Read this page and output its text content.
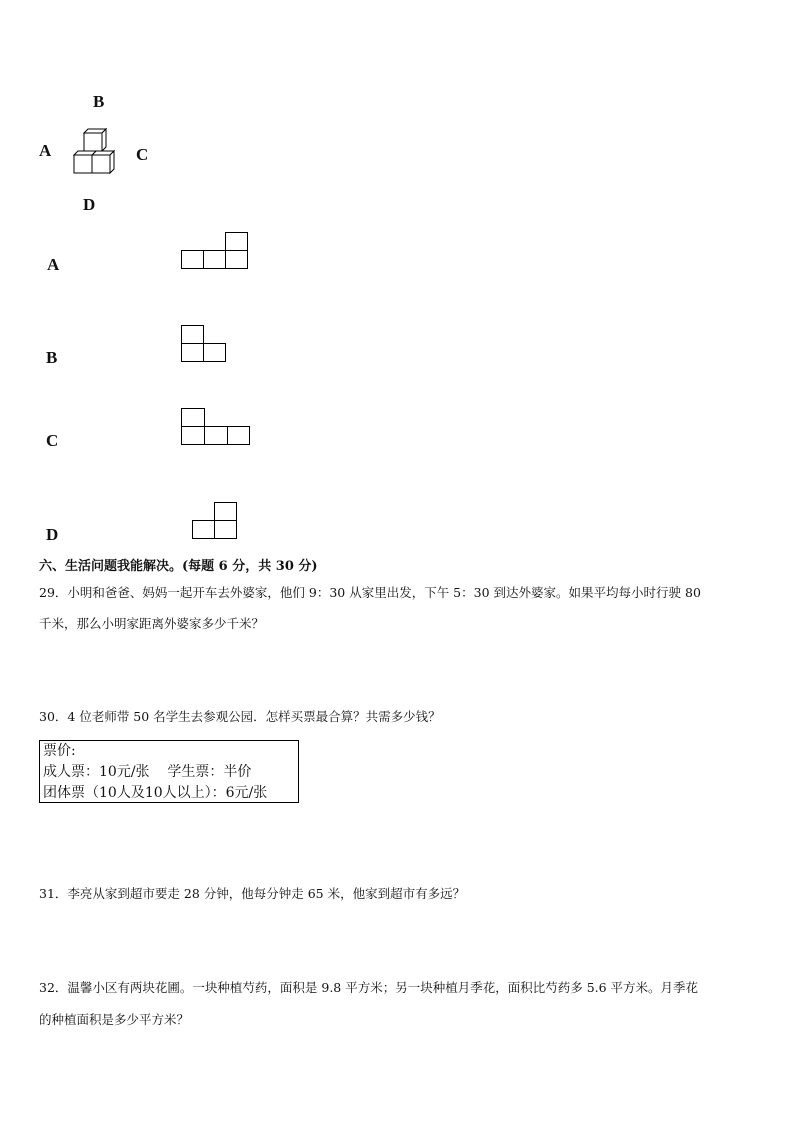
B
A	C
D
A
B
C
D
六、生活问题我能解决。(每题 6 分，共 30 分)
29．小明和爸爸、妈妈一起开车去外婆家，他们 9：30 从家里出发，下午 5：30 到达外婆家。如果平均每小时行驶 80
千米，那么小明家距离外婆家多少千米？
30．4 位老师带 50 名学生去参观公园．怎样买票最合算？共需多少钱？
票价:
成人票：10元/张    学生票：半价
团体票（10人及10人以上）：6元/张
31．李亮从家到超市要走 28 分钟，他每分钟走 65 米，他家到超市有多远？
32．温馨小区有两块花圃。一块种植芍药，面积是 9.8 平方米；另一块种植月季花，面积比芍药多 5.6 平方米。月季花
的种植面积是多少平方米？
